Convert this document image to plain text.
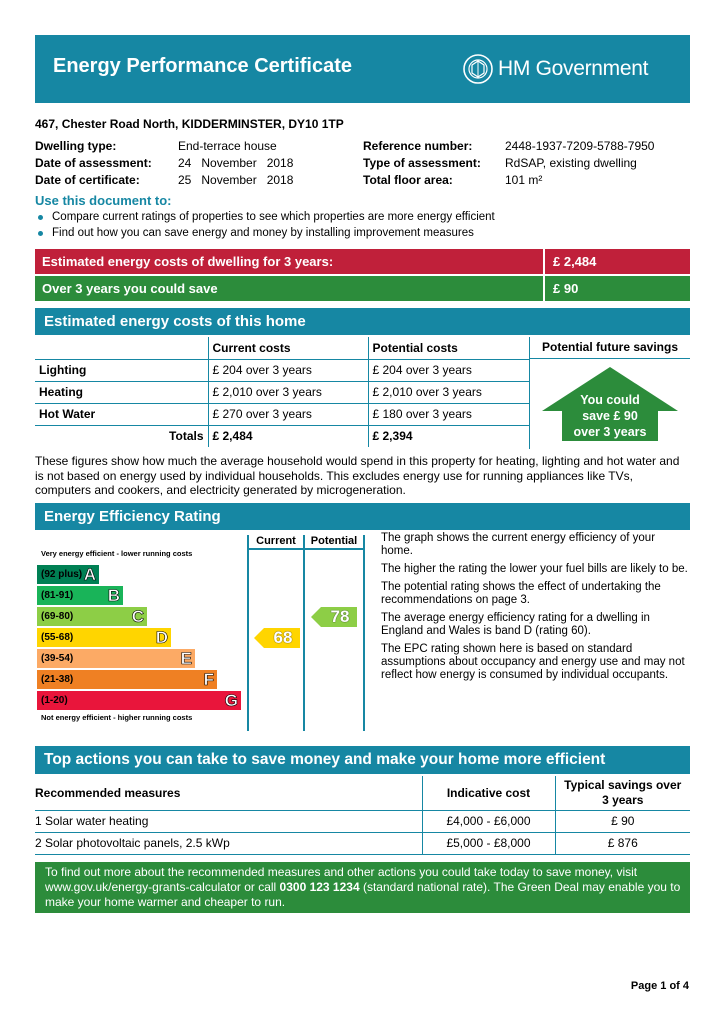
Energy Performance Certificate	HM Government
467, Chester Road North, KIDDERMINSTER, DY10 1TP
Dwelling type:	End-terrace house
Date of assessment: 24   November   2018
Date of certificate:	25   November   2018
Reference number:	2448-1937-7209-5788-7950
Type of assessment: RdSAP, existing dwelling
Total floor area:	101 m²
Use this document to:
Compare current ratings of properties to see which properties are more energy efficient
Find out how you can save energy and money by installing improvement measures
Estimated energy costs of dwelling for 3 years:	£ 2,484
Over 3 years you could save	£ 90
Estimated energy costs of this home
	Current costs	Potential costs
Lighting	£ 204 over 3 years	£ 204 over 3 years
Heating	£ 2,010 over 3 years	£ 2,010 over 3 years
Hot Water	£ 270 over 3 years	£ 180 over 3 years
Totals	£ 2,484	£ 2,394
Potential future savings
You could
save £ 90
over 3 years
These figures show how much the average household would spend in this property for heating, lighting and hot water and is not based on energy used by individual households. This excludes energy use for running appliances like TVs, computers and cookers, and electricity generated by microgeneration.
Energy Efficiency Rating
Current	Potential
Very energy efficient - lower running costs
Not energy efficient - higher running costs
(92 plus) A
(81-91) B
(69-80)	C
(55-68)	D
(39-54)	E
(21-38)	F
(1-20)	G
68
78

The graph shows the current energy efficiency of your home.

The higher the rating the lower your fuel bills are likely to be.

The potential rating shows the effect of undertaking the recommendations on page 3.

The average energy efficiency rating for a dwelling in England and Wales is band D (rating 60).

The EPC rating shown here is based on standard assumptions about occupancy and energy use and may not reflect how energy is consumed by individual occupants.

Top actions you can take to save money and make your home more efficient
Recommended measures	Indicative cost	Typical savings over 3 years
1 Solar water heating	£4,000 - £6,000	£ 90
2 Solar photovoltaic panels, 2.5 kWp	£5,000 - £8,000	£ 876
To find out more about the recommended measures and other actions you could take today to save money, visit www.gov.uk/energy-grants-calculator or call 0300 123 1234 (standard national rate). The Green Deal may enable you to make your home warmer and cheaper to run.
Page 1 of 4
